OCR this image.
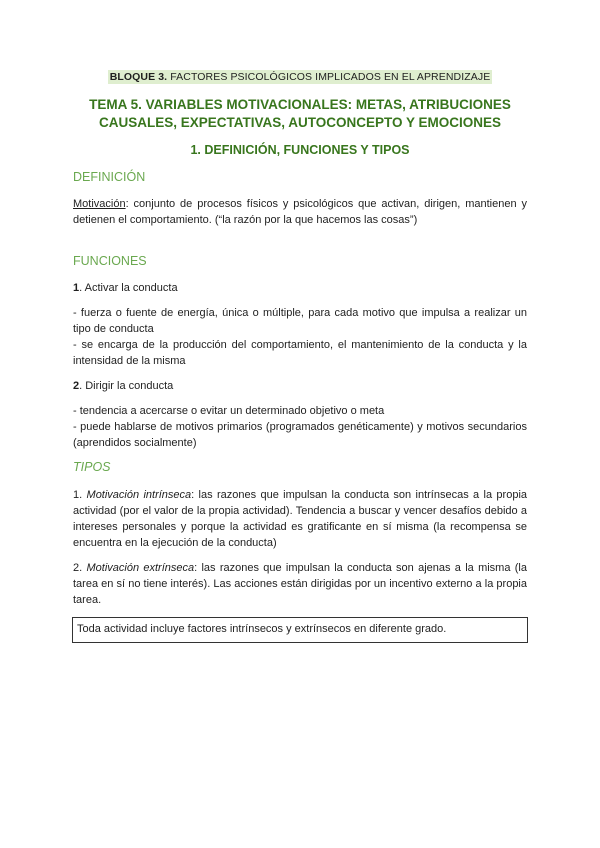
BLOQUE 3. FACTORES PSICOLÓGICOS IMPLICADOS EN EL APRENDIZAJE
TEMA 5. VARIABLES MOTIVACIONALES: METAS, ATRIBUCIONES CAUSALES, EXPECTATIVAS, AUTOCONCEPTO Y EMOCIONES
1. DEFINICIÓN, FUNCIONES Y TIPOS
DEFINICIÓN
Motivación: conjunto de procesos físicos y psicológicos que activan, dirigen, mantienen y detienen el comportamiento. (“la razón por la que hacemos las cosas”)
FUNCIONES
1. Activar la conducta
- fuerza o fuente de energía, única o múltiple, para cada motivo que impulsa a realizar un tipo de conducta
- se encarga de la producción del comportamiento, el mantenimiento de la conducta y la intensidad de la misma
2. Dirigir la conducta
- tendencia a acercarse o evitar un determinado objetivo o meta
- puede hablarse de motivos primarios (programados genéticamente) y motivos secundarios (aprendidos socialmente)
TIPOS
1. Motivación intrínseca: las razones que impulsan la conducta son intrínsecas a la propia actividad (por el valor de la propia actividad). Tendencia a buscar y vencer desafíos debido a intereses personales y porque la actividad es gratificante en sí misma (la recompensa se encuentra en la ejecución de la conducta)
2. Motivación extrínseca: las razones que impulsan la conducta son ajenas a la misma (la tarea en sí no tiene interés). Las acciones están dirigidas por un incentivo externo a la propia tarea.
Toda actividad incluye factores intrínsecos y extrínsecos en diferente grado.
